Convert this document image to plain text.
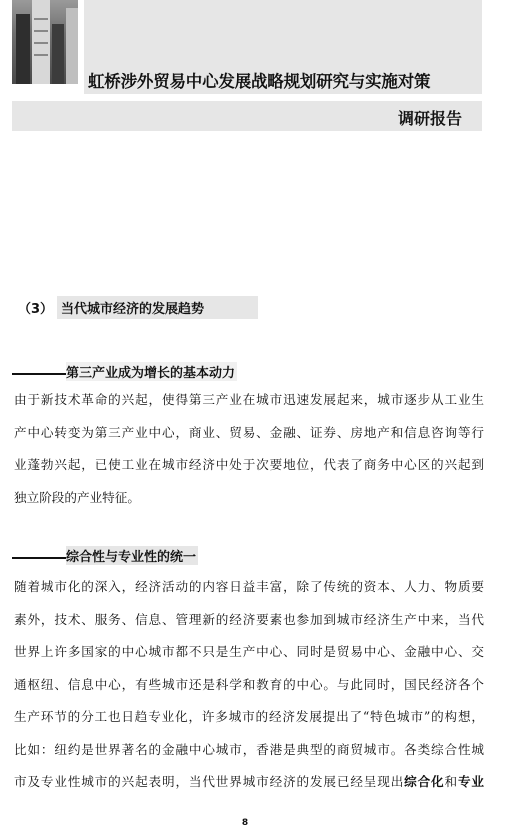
虹桥涉外贸易中心发展战略规划研究与实施对策
调研报告
（3） 当代城市经济的发展趋势
第三产业成为增长的基本动力
由于新技术革命的兴起，使得第三产业在城市迅速发展起来，城市逐步从工业生
产中心转变为第三产业中心，商业、贸易、金融、证券、房地产和信息咨询等行
业蓬勃兴起，已使工业在城市经济中处于次要地位，代表了商务中心区的兴起到
独立阶段的产业特征。
综合性与专业性的统一
随着城市化的深入，经济活动的内容日益丰富，除了传统的资本、人力、物质要
素外，技术、服务、信息、管理新的经济要素也参加到城市经济生产中来，当代
世界上许多国家的中心城市都不只是生产中心、同时是贸易中心、金融中心、交
通枢纽、信息中心，有些城市还是科学和教育的中心。与此同时，国民经济各个
生产环节的分工也日趋专业化，许多城市的经济发展提出了“特色城市”的构想，
比如：纽约是世界著名的金融中心城市，香港是典型的商贸城市。各类综合性城
市及专业性城市的兴起表明，当代世界城市经济的发展已经呈现出综合化和专业
8
